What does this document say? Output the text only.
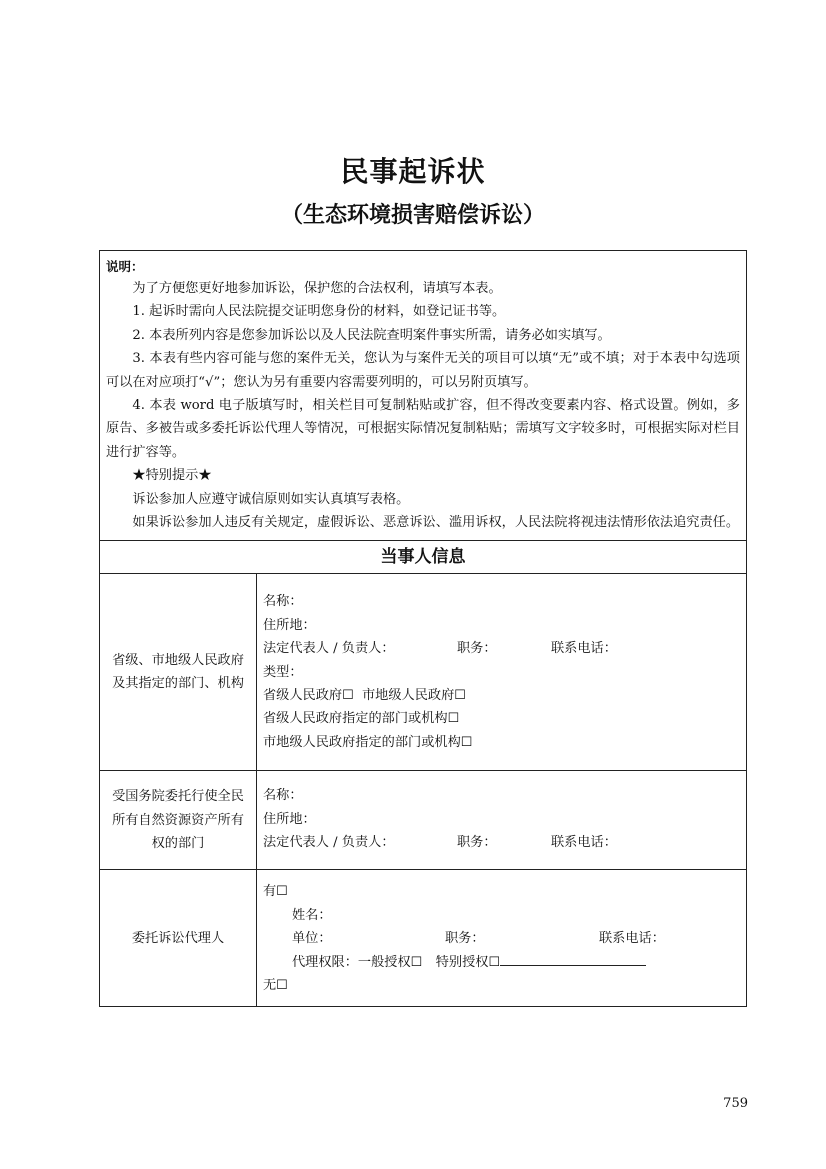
民事起诉状
（生态环境损害赔偿诉讼）
说明：

为了方便您更好地参加诉讼，保护您的合法权利，请填写本表。

1. 起诉时需向人民法院提交证明您身份的材料，如登记证书等。

2. 本表所列内容是您参加诉讼以及人民法院查明案件事实所需，请务必如实填写。

3. 本表有些内容可能与您的案件无关，您认为与案件无关的项目可以填“无”或不填；对于本表中勾选项可以在对应项打“√”；您认为另有重要内容需要列明的，可以另附页填写。

4. 本表 word 电子版填写时，相关栏目可复制粘贴或扩容，但不得改变要素内容、格式设置。例如，多原告、多被告或多委托诉讼代理人等情况，可根据实际情况复制粘贴；需填写文字较多时，可根据实际对栏目进行扩容等。

★特别提示★

诉讼参加人应遵守诚信原则如实认真填写表格。

如果诉讼参加人违反有关规定，虚假诉讼、恶意诉讼、滥用诉权，人民法院将视违法情形依法追究责任。

当事人信息
省级、市地级人民政府及其指定的部门、机构
名称：
住所地：
法定代表人 / 负责人：	职务：	联系电话：
类型：
省级人民政府☐ 市地级人民政府☐
省级人民政府指定的部门或机构☐
市地级人民政府指定的部门或机构☐
受国务院委托行使全民所有自然资源资产所有权的部门
名称：
住所地：
法定代表人 / 负责人：	职务：	联系电话：
委托诉讼代理人
有☐
姓名：
单位：	职务：	联系电话：
代理权限：一般授权☐　特别授权☐
无☐
759
